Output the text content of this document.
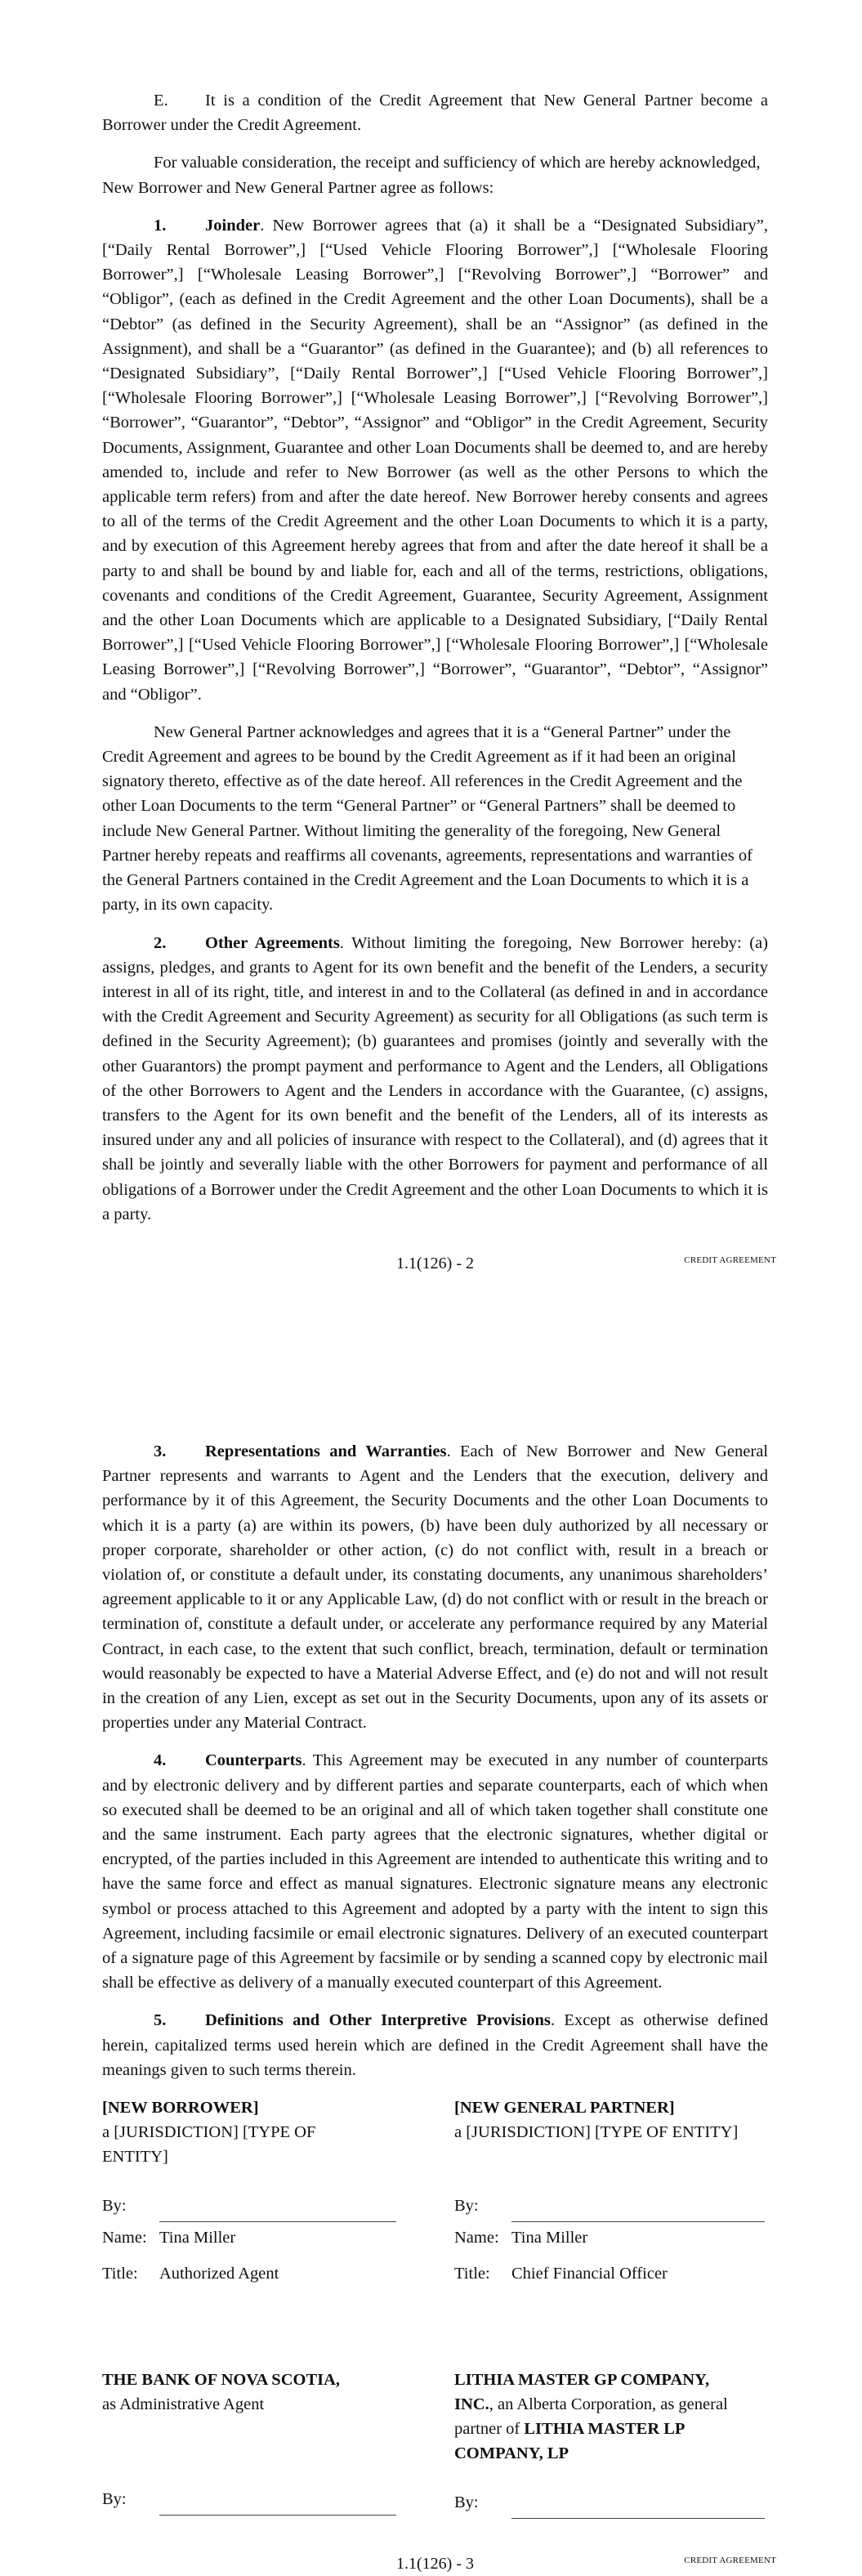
E. It is a condition of the Credit Agreement that New General Partner become a Borrower under the Credit Agreement.

For valuable consideration, the receipt and sufficiency of which are hereby acknowledged, New Borrower and New General Partner agree as follows:

1. Joinder. New Borrower agrees that (a) it shall be a “Designated Subsidiary”, [“Daily Rental Borrower”,] [“Used Vehicle Flooring Borrower”,] [“Wholesale Flooring Borrower”,] [“Wholesale Leasing Borrower”,] [“Revolving Borrower”,] “Borrower” and “Obligor”, (each as defined in the Credit Agreement and the other Loan Documents), shall be a “Debtor” (as defined in the Security Agreement), shall be an “Assignor” (as defined in the Assignment), and shall be a “Guarantor” (as defined in the Guarantee); and (b) all references to “Designated Subsidiary”, [“Daily Rental Borrower”,] [“Used Vehicle Flooring Borrower”,] [“Wholesale Flooring Borrower”,] [“Wholesale Leasing Borrower”,] [“Revolving Borrower”,] “Borrower”, “Guarantor”, “Debtor”, “Assignor” and “Obligor” in the Credit Agreement, Security Documents, Assignment, Guarantee and other Loan Documents shall be deemed to, and are hereby amended to, include and refer to New Borrower (as well as the other Persons to which the applicable term refers) from and after the date hereof. New Borrower hereby consents and agrees to all of the terms of the Credit Agreement and the other Loan Documents to which it is a party, and by execution of this Agreement hereby agrees that from and after the date hereof it shall be a party to and shall be bound by and liable for, each and all of the terms, restrictions, obligations, covenants and conditions of the Credit Agreement, Guarantee, Security Agreement, Assignment and the other Loan Documents which are applicable to a Designated Subsidiary, [“Daily Rental Borrower”,] [“Used Vehicle Flooring Borrower”,] [“Wholesale Flooring Borrower”,] [“Wholesale Leasing Borrower”,] [“Revolving Borrower”,] “Borrower”, “Guarantor”, “Debtor”, “Assignor” and “Obligor”.

New General Partner acknowledges and agrees that it is a “General Partner” under the Credit Agreement and agrees to be bound by the Credit Agreement as if it had been an original signatory thereto, effective as of the date hereof. All references in the Credit Agreement and the other Loan Documents to the term “General Partner” or “General Partners” shall be deemed to include New General Partner. Without limiting the generality of the foregoing, New General Partner hereby repeats and reaffirms all covenants, agreements, representations and warranties of the General Partners contained in the Credit Agreement and the Loan Documents to which it is a party, in its own capacity.

2. Other Agreements. Without limiting the foregoing, New Borrower hereby: (a) assigns, pledges, and grants to Agent for its own benefit and the benefit of the Lenders, a security interest in all of its right, title, and interest in and to the Collateral (as defined in and in accordance with the Credit Agreement and Security Agreement) as security for all Obligations (as such term is defined in the Security Agreement); (b) guarantees and promises (jointly and severally with the other Guarantors) the prompt payment and performance to Agent and the Lenders, all Obligations of the other Borrowers to Agent and the Lenders in accordance with the Guarantee, (c) assigns, transfers to the Agent for its own benefit and the benefit of the Lenders, all of its interests as insured under any and all policies of insurance with respect to the Collateral), and (d) agrees that it shall be jointly and severally liable with the other Borrowers for payment and performance of all obligations of a Borrower under the Credit Agreement and the other Loan Documents to which it is a party.

1.1(126) - 2	CREDIT AGREEMENT

3. Representations and Warranties. Each of New Borrower and New General Partner represents and warrants to Agent and the Lenders that the execution, delivery and performance by it of this Agreement, the Security Documents and the other Loan Documents to which it is a party (a) are within its powers, (b) have been duly authorized by all necessary or proper corporate, shareholder or other action, (c) do not conflict with, result in a breach or violation of, or constitute a default under, its constating documents, any unanimous shareholders’ agreement applicable to it or any Applicable Law, (d) do not conflict with or result in the breach or termination of, constitute a default under, or accelerate any performance required by any Material Contract, in each case, to the extent that such conflict, breach, termination, default or termination would reasonably be expected to have a Material Adverse Effect, and (e) do not and will not result in the creation of any Lien, except as set out in the Security Documents, upon any of its assets or properties under any Material Contract.

4. Counterparts. This Agreement may be executed in any number of counterparts and by electronic delivery and by different parties and separate counterparts, each of which when so executed shall be deemed to be an original and all of which taken together shall constitute one and the same instrument. Each party agrees that the electronic signatures, whether digital or encrypted, of the parties included in this Agreement are intended to authenticate this writing and to have the same force and effect as manual signatures. Electronic signature means any electronic symbol or process attached to this Agreement and adopted by a party with the intent to sign this Agreement, including facsimile or email electronic signatures. Delivery of an executed counterpart of a signature page of this Agreement by facsimile or by sending a scanned copy by electronic mail shall be effective as delivery of a manually executed counterpart of this Agreement.

5. Definitions and Other Interpretive Provisions. Except as otherwise defined herein, capitalized terms used herein which are defined in the Credit Agreement shall have the meanings given to such terms therein.

[NEW BORROWER]
a [JURISDICTION] [TYPE OF ENTITY]
By:
Name: Tina Miller
Title: Authorized Agent
[NEW GENERAL PARTNER]
a [JURISDICTION] [TYPE OF ENTITY]
By:
Name: Tina Miller
Title: Chief Financial Officer
THE BANK OF NOVA SCOTIA,
as Administrative Agent
By:
LITHIA MASTER GP COMPANY, INC., an Alberta Corporation, as general partner of LITHIA MASTER LP COMPANY, LP
By:
1.1(126) - 3	CREDIT AGREEMENT
